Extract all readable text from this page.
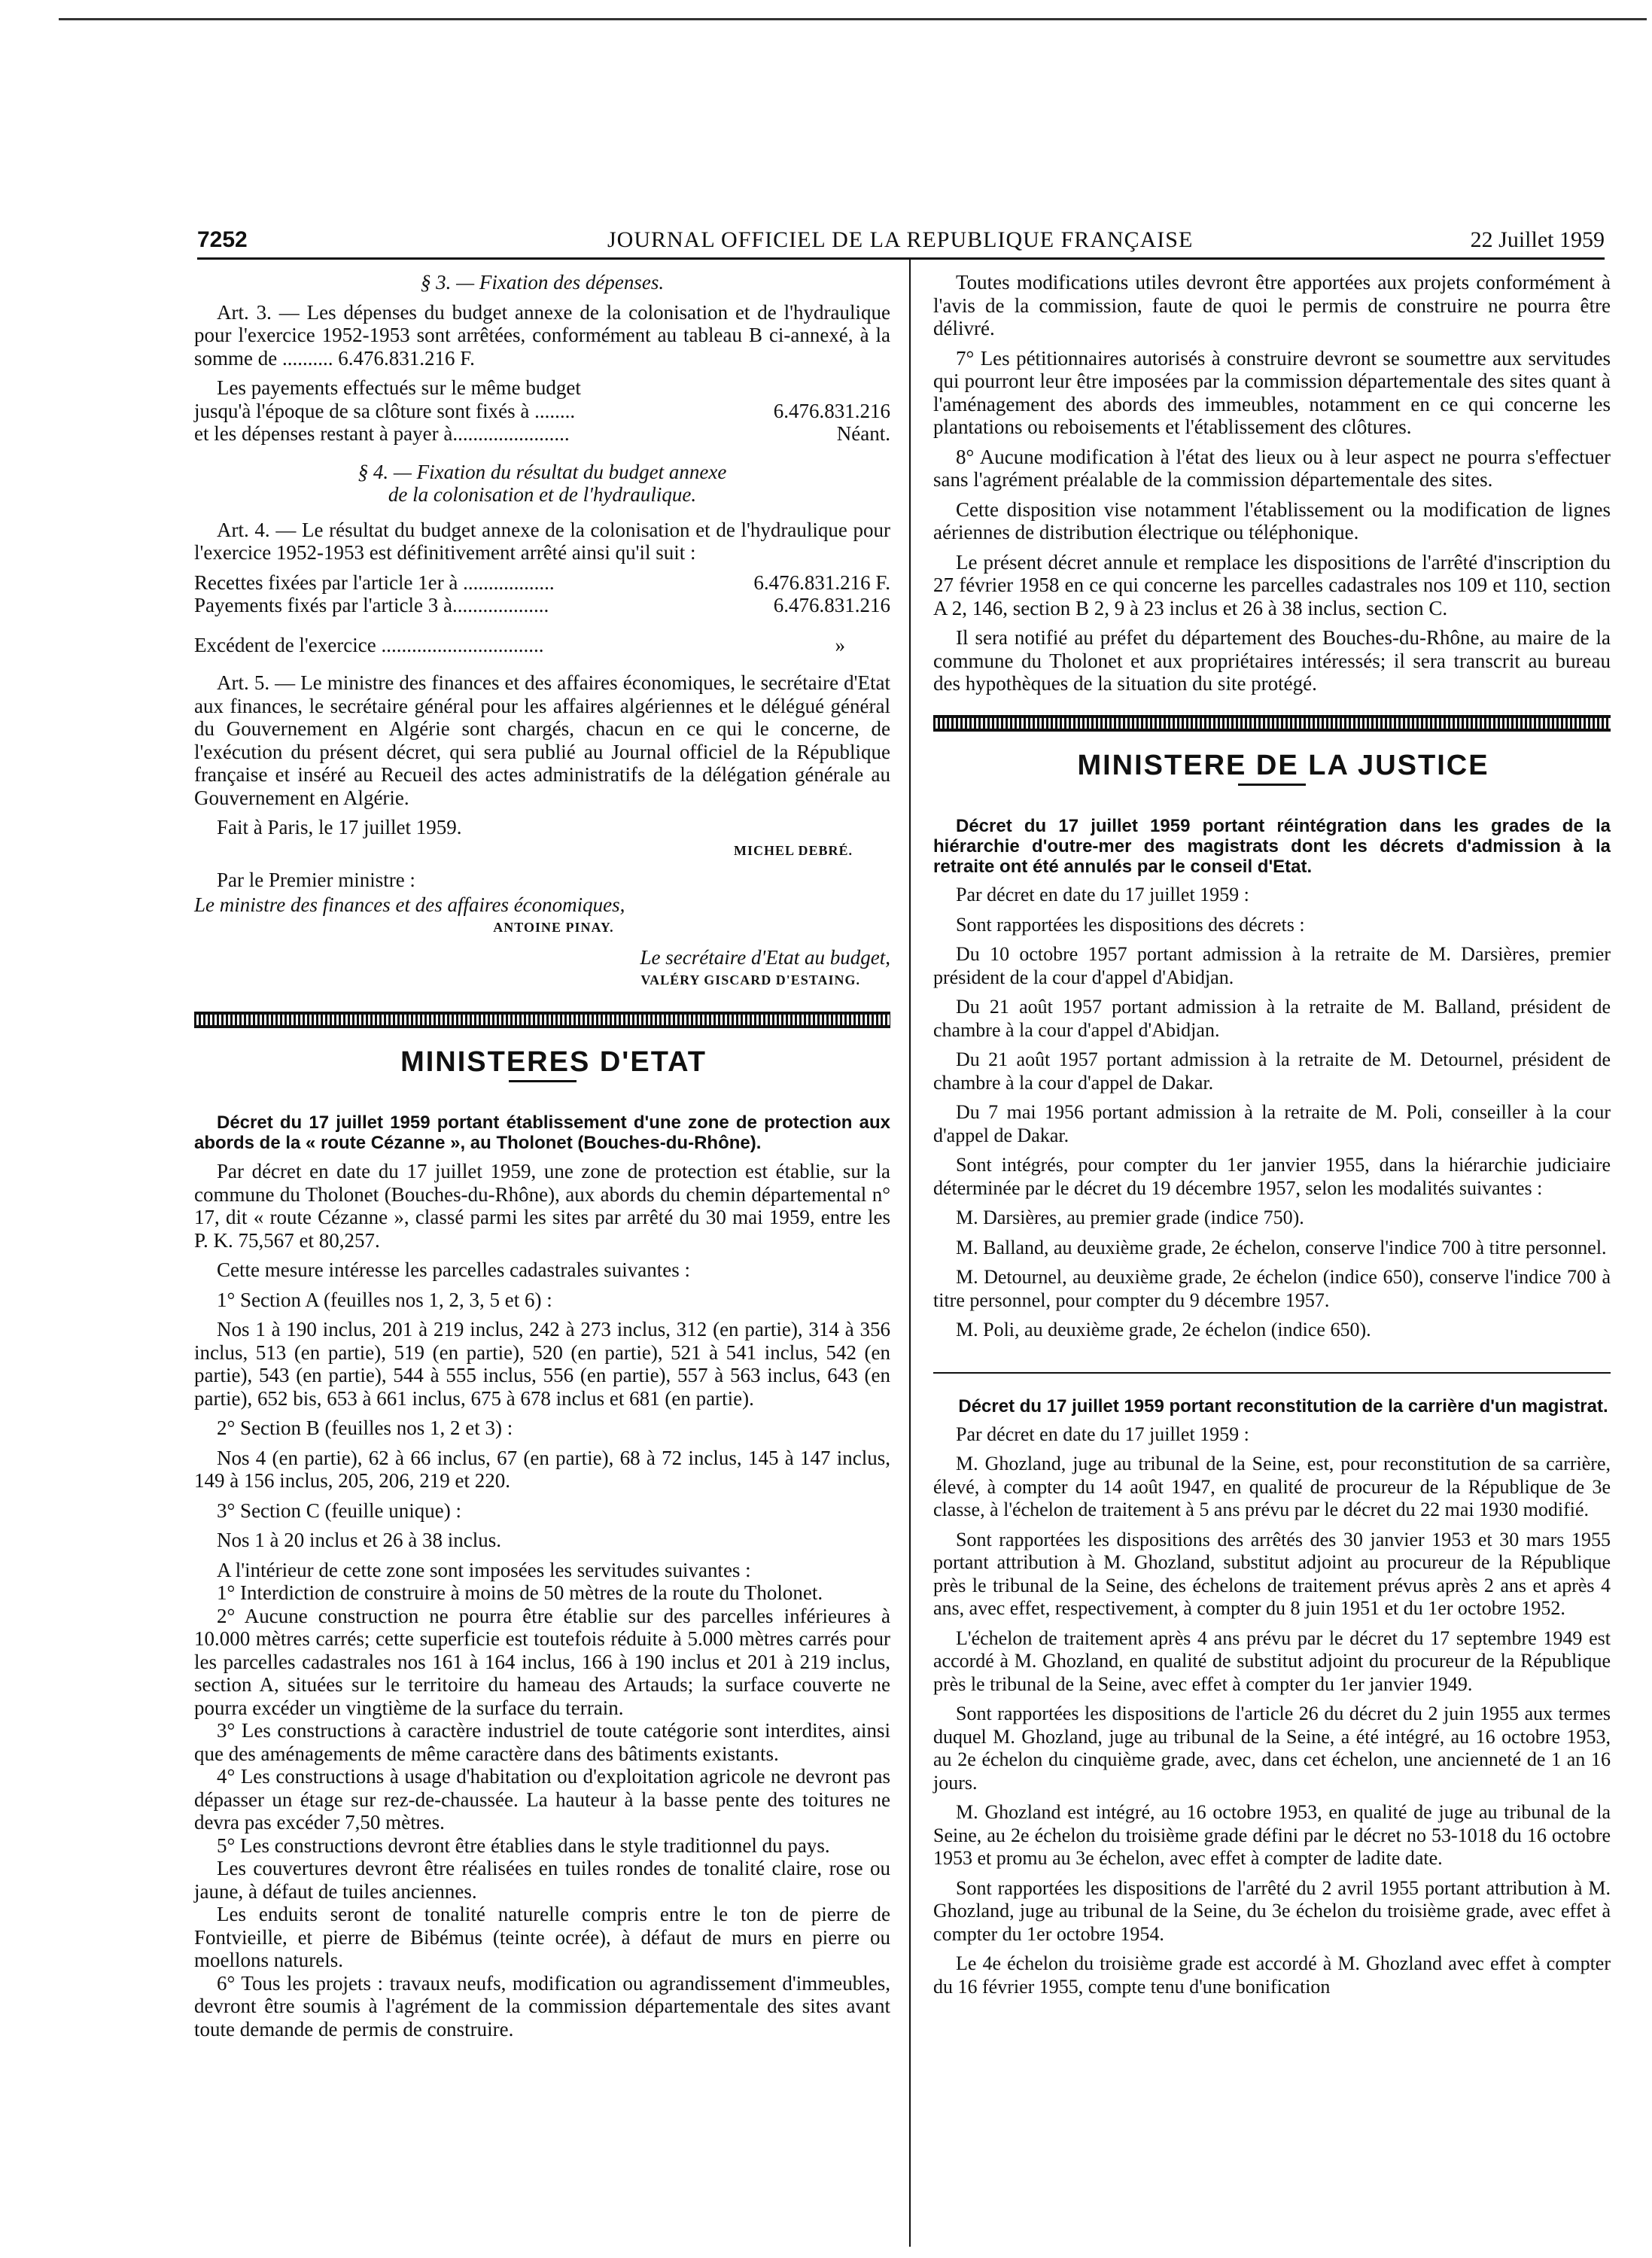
7252	JOURNAL OFFICIEL DE LA REPUBLIQUE FRANÇAISE	22 Juillet 1959

§ 3. — Fixation des dépenses.

Art. 3. — Les dépenses du budget annexe de la colonisation et de l'hydraulique pour l'exercice 1952-1953 sont arrêtées, conformément au tableau B ci-annexé, à la somme de .......... 6.476.831.216 F.

Les payements effectués sur le même budget

jusqu'à l'époque de sa clôture sont fixés à ........	6.476.831.216
et les dépenses restant à payer à.......................	Néant.

§ 4. — Fixation du résultat du budget annexe

de la colonisation et de l'hydraulique.

Art. 4. — Le résultat du budget annexe de la colonisation et de l'hydraulique pour l'exercice 1952-1953 est définitivement arrêté ainsi qu'il suit :

Recettes fixées par l'article 1er à ..................	6.476.831.216 F.
Payements fixés par l'article 3 à...................	6.476.831.216
Excédent de l'exercice ................................	»

Art. 5. — Le ministre des finances et des affaires économiques, le secrétaire d'Etat aux finances, le secrétaire général pour les affaires algériennes et le délégué général du Gouvernement en Algérie sont chargés, chacun en ce qui le concerne, de l'exécution du présent décret, qui sera publié au Journal officiel de la République française et inséré au Recueil des actes administratifs de la délégation générale au Gouvernement en Algérie.

Fait à Paris, le 17 juillet 1959.

MICHEL DEBRÉ.

Par le Premier ministre :

Le ministre des finances et des affaires économiques,

ANTOINE PINAY.

Le secrétaire d'Etat au budget,

VALÉRY GISCARD D'ESTAING.

MINISTERES D'ETAT

Décret du 17 juillet 1959 portant établissement d'une zone de protection aux abords de la « route Cézanne », au Tholonet (Bouches-du-Rhône).

Par décret en date du 17 juillet 1959, une zone de protection est établie, sur la commune du Tholonet (Bouches-du-Rhône), aux abords du chemin départemental n° 17, dit « route Cézanne », classé parmi les sites par arrêté du 30 mai 1959, entre les P. K. 75,567 et 80,257.

Cette mesure intéresse les parcelles cadastrales suivantes :

1° Section A (feuilles nos 1, 2, 3, 5 et 6) :

Nos 1 à 190 inclus, 201 à 219 inclus, 242 à 273 inclus, 312 (en partie), 314 à 356 inclus, 513 (en partie), 519 (en partie), 520 (en partie), 521 à 541 inclus, 542 (en partie), 543 (en partie), 544 à 555 inclus, 556 (en partie), 557 à 563 inclus, 643 (en partie), 652 bis, 653 à 661 inclus, 675 à 678 inclus et 681 (en partie).

2° Section B (feuilles nos 1, 2 et 3) :

Nos 4 (en partie), 62 à 66 inclus, 67 (en partie), 68 à 72 inclus, 145 à 147 inclus, 149 à 156 inclus, 205, 206, 219 et 220.

3° Section C (feuille unique) :

Nos 1 à 20 inclus et 26 à 38 inclus.

A l'intérieur de cette zone sont imposées les servitudes suivantes :

1° Interdiction de construire à moins de 50 mètres de la route du Tholonet.

2° Aucune construction ne pourra être établie sur des parcelles inférieures à 10.000 mètres carrés; cette superficie est toutefois réduite à 5.000 mètres carrés pour les parcelles cadastrales nos 161 à 164 inclus, 166 à 190 inclus et 201 à 219 inclus, section A, situées sur le territoire du hameau des Artauds; la surface couverte ne pourra excéder un vingtième de la surface du terrain.

3° Les constructions à caractère industriel de toute catégorie sont interdites, ainsi que des aménagements de même caractère dans des bâtiments existants.

4° Les constructions à usage d'habitation ou d'exploitation agricole ne devront pas dépasser un étage sur rez-de-chaussée. La hauteur à la basse pente des toitures ne devra pas excéder 7,50 mètres.

5° Les constructions devront être établies dans le style traditionnel du pays.

Les couvertures devront être réalisées en tuiles rondes de tonalité claire, rose ou jaune, à défaut de tuiles anciennes.

Les enduits seront de tonalité naturelle compris entre le ton de pierre de Fontvieille, et pierre de Bibémus (teinte ocrée), à défaut de murs en pierre ou moellons naturels.

6° Tous les projets : travaux neufs, modification ou agrandissement d'immeubles, devront être soumis à l'agrément de la commission départementale des sites avant toute demande de permis de construire.

Toutes modifications utiles devront être apportées aux projets conformément à l'avis de la commission, faute de quoi le permis de construire ne pourra être délivré.

7° Les pétitionnaires autorisés à construire devront se soumettre aux servitudes qui pourront leur être imposées par la commission départementale des sites quant à l'aménagement des abords des immeubles, notamment en ce qui concerne les plantations ou reboisements et l'établissement des clôtures.

8° Aucune modification à l'état des lieux ou à leur aspect ne pourra s'effectuer sans l'agrément préalable de la commission départementale des sites.

Cette disposition vise notamment l'établissement ou la modification de lignes aériennes de distribution électrique ou téléphonique.

Le présent décret annule et remplace les dispositions de l'arrêté d'inscription du 27 février 1958 en ce qui concerne les parcelles cadastrales nos 109 et 110, section A 2, 146, section B 2, 9 à 23 inclus et 26 à 38 inclus, section C.

Il sera notifié au préfet du département des Bouches-du-Rhône, au maire de la commune du Tholonet et aux propriétaires intéressés; il sera transcrit au bureau des hypothèques de la situation du site protégé.

MINISTERE DE LA JUSTICE

Décret du 17 juillet 1959 portant réintégration dans les grades de la hiérarchie d'outre-mer des magistrats dont les décrets d'admission à la retraite ont été annulés par le conseil d'Etat.

Par décret en date du 17 juillet 1959 :

Sont rapportées les dispositions des décrets :

Du 10 octobre 1957 portant admission à la retraite de M. Darsières, premier président de la cour d'appel d'Abidjan.

Du 21 août 1957 portant admission à la retraite de M. Balland, président de chambre à la cour d'appel d'Abidjan.

Du 21 août 1957 portant admission à la retraite de M. Detournel, président de chambre à la cour d'appel de Dakar.

Du 7 mai 1956 portant admission à la retraite de M. Poli, conseiller à la cour d'appel de Dakar.

Sont intégrés, pour compter du 1er janvier 1955, dans la hiérarchie judiciaire déterminée par le décret du 19 décembre 1957, selon les modalités suivantes :

M. Darsières, au premier grade (indice 750).

M. Balland, au deuxième grade, 2e échelon, conserve l'indice 700 à titre personnel.

M. Detournel, au deuxième grade, 2e échelon (indice 650), conserve l'indice 700 à titre personnel, pour compter du 9 décembre 1957.

M. Poli, au deuxième grade, 2e échelon (indice 650).

Décret du 17 juillet 1959 portant reconstitution de la carrière d'un magistrat.

Par décret en date du 17 juillet 1959 :

M. Ghozland, juge au tribunal de la Seine, est, pour reconstitution de sa carrière, élevé, à compter du 14 août 1947, en qualité de procureur de la République de 3e classe, à l'échelon de traitement à 5 ans prévu par le décret du 22 mai 1930 modifié.

Sont rapportées les dispositions des arrêtés des 30 janvier 1953 et 30 mars 1955 portant attribution à M. Ghozland, substitut adjoint au procureur de la République près le tribunal de la Seine, des échelons de traitement prévus après 2 ans et après 4 ans, avec effet, respectivement, à compter du 8 juin 1951 et du 1er octobre 1952.

L'échelon de traitement après 4 ans prévu par le décret du 17 septembre 1949 est accordé à M. Ghozland, en qualité de substitut adjoint du procureur de la République près le tribunal de la Seine, avec effet à compter du 1er janvier 1949.

Sont rapportées les dispositions de l'article 26 du décret du 2 juin 1955 aux termes duquel M. Ghozland, juge au tribunal de la Seine, a été intégré, au 16 octobre 1953, au 2e échelon du cinquième grade, avec, dans cet échelon, une ancienneté de 1 an 16 jours.

M. Ghozland est intégré, au 16 octobre 1953, en qualité de juge au tribunal de la Seine, au 2e échelon du troisième grade défini par le décret no 53-1018 du 16 octobre 1953 et promu au 3e échelon, avec effet à compter de ladite date.

Sont rapportées les dispositions de l'arrêté du 2 avril 1955 portant attribution à M. Ghozland, juge au tribunal de la Seine, du 3e échelon du troisième grade, avec effet à compter du 1er octobre 1954.

Le 4e échelon du troisième grade est accordé à M. Ghozland avec effet à compter du 16 février 1955, compte tenu d'une bonification
